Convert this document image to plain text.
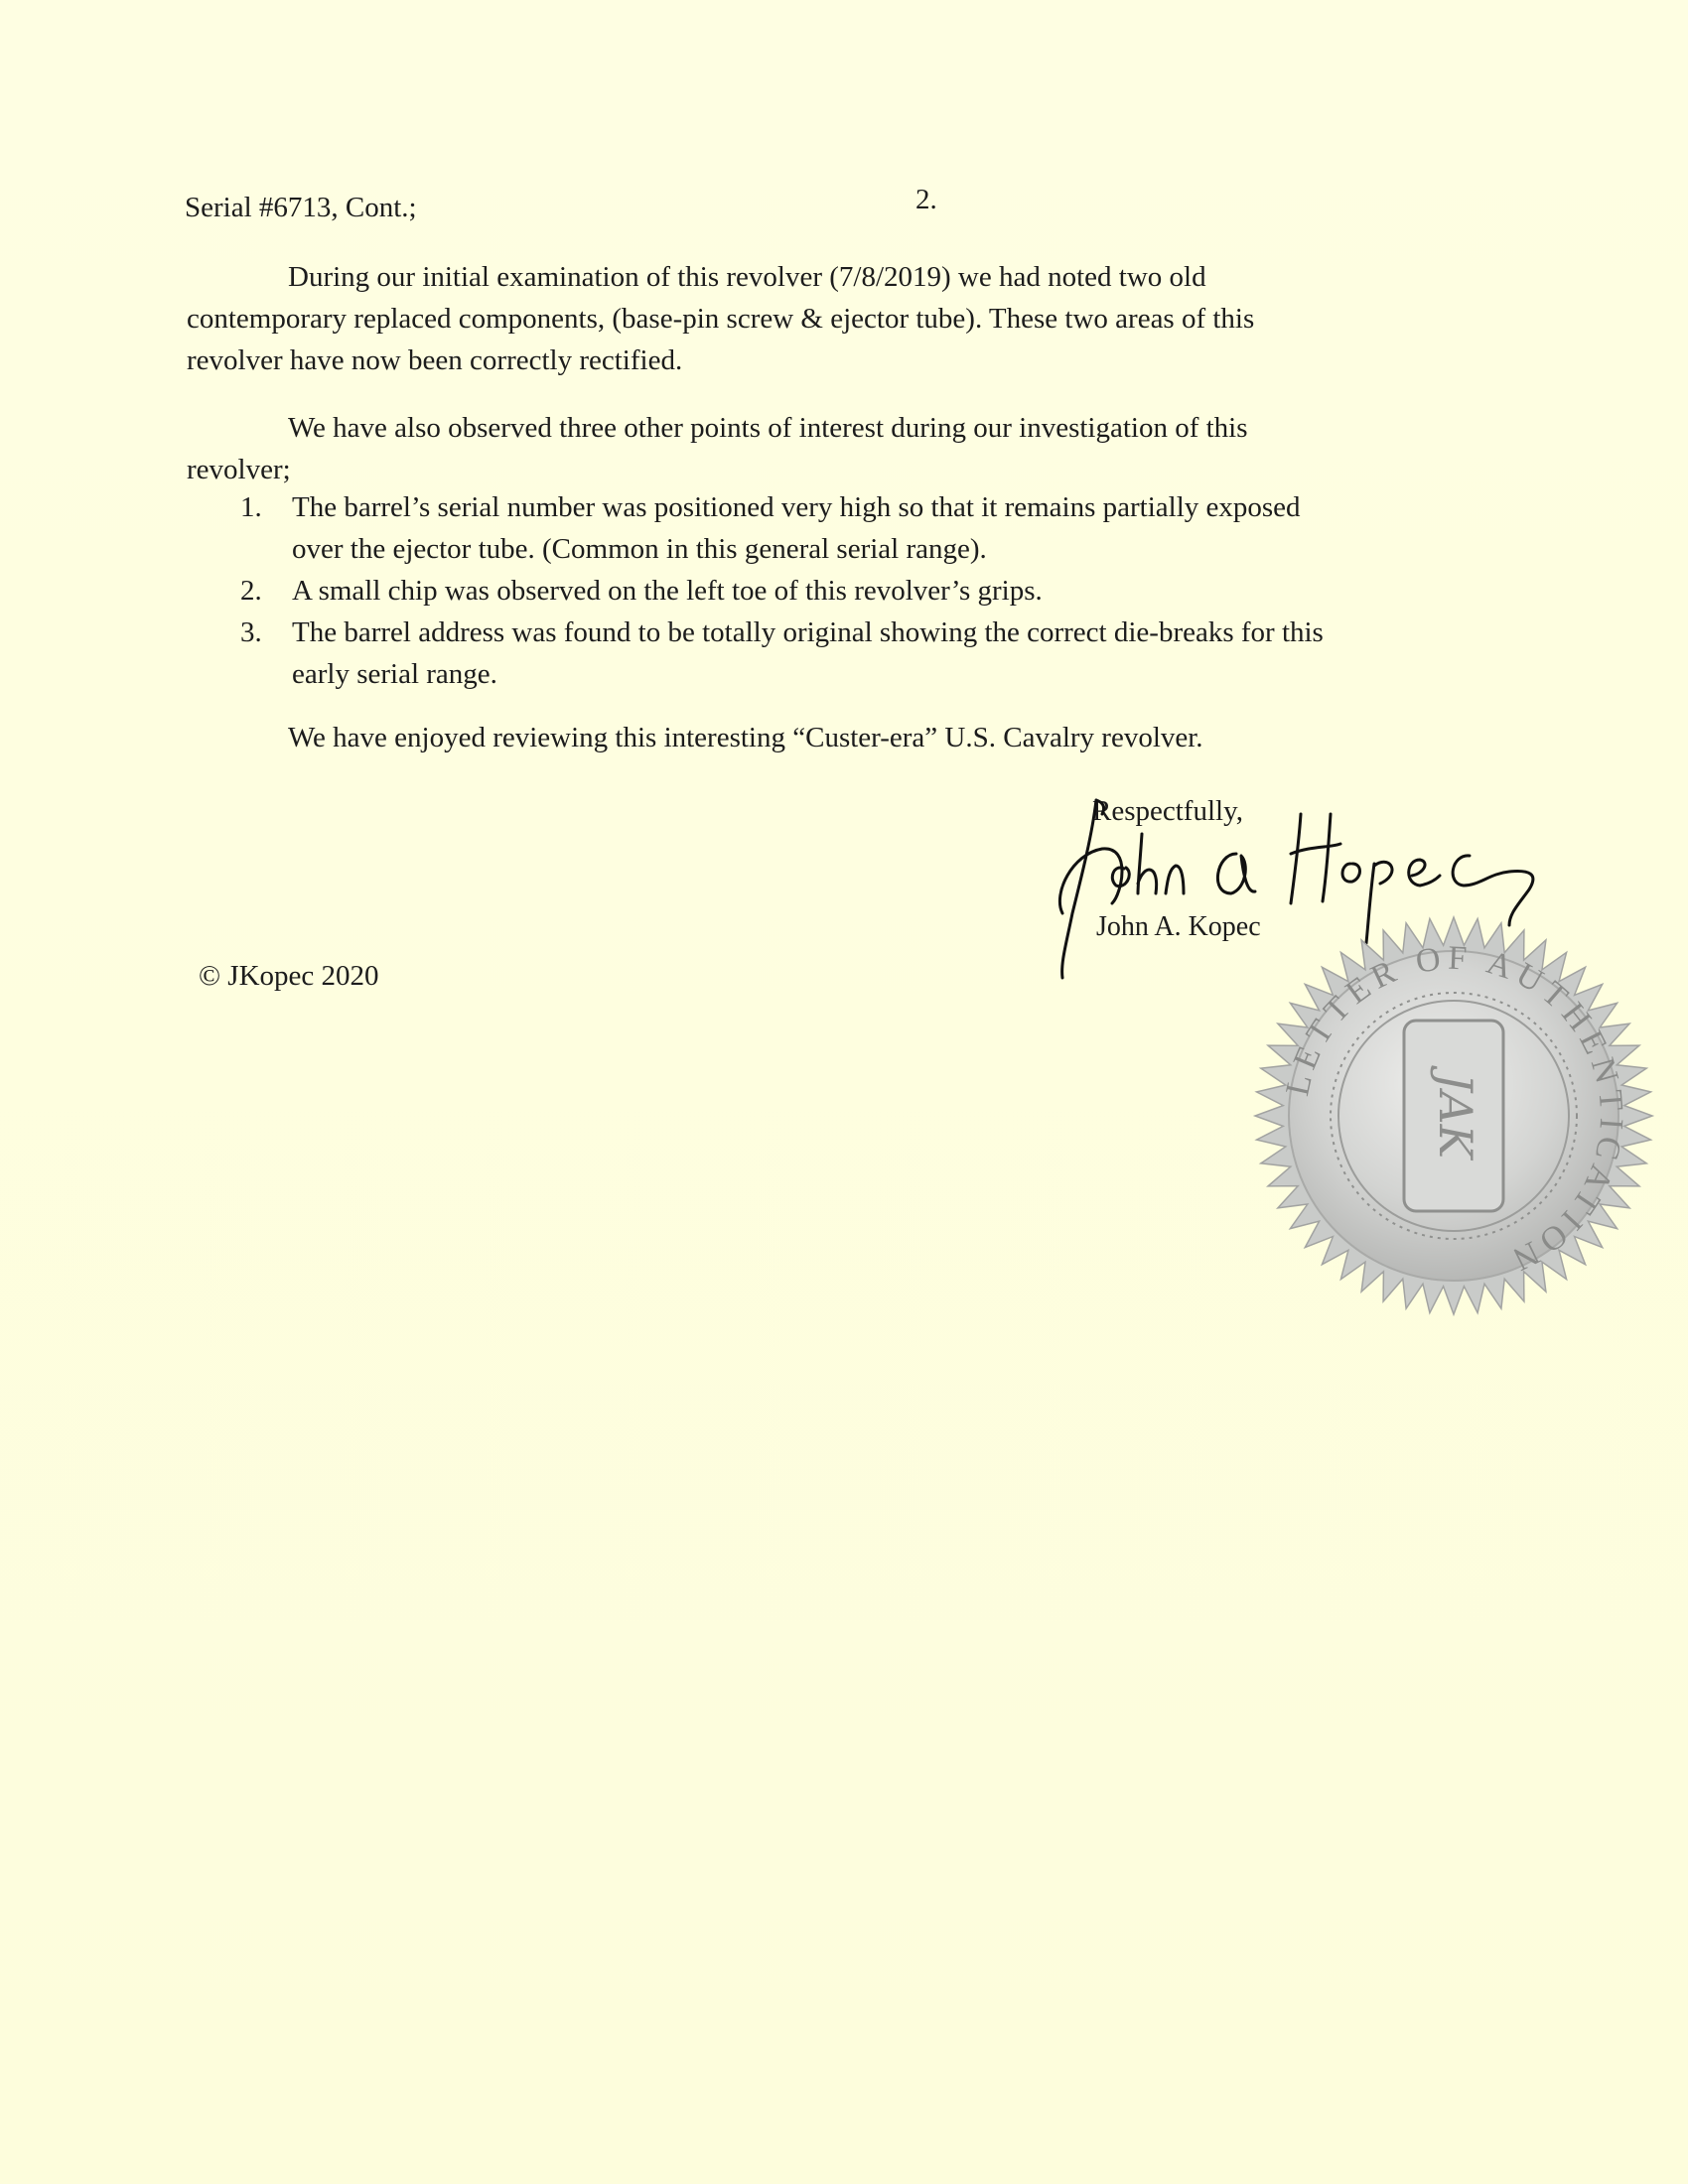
Serial #6713, Cont.;	2.
During our initial examination of this revolver (7/8/2019) we had noted two old
contemporary replaced components, (base-pin screw & ejector tube). These two areas of this
revolver have now been correctly rectified.
We have also observed three other points of interest during our investigation of this
revolver;
1. The barrel’s serial number was positioned very high so that it remains partially exposed
over the ejector tube. (Common in this general serial range).
2. A small chip was observed on the left toe of this revolver’s grips.
3. The barrel address was found to be totally original showing the correct die-breaks for this
early serial range.
We have enjoyed reviewing this interesting “Custer-era” U.S. Cavalry revolver.
Respectfully,
John A. Kopec
© JKopec 2020
LETTER OF AUTHENTICATION
JAK
